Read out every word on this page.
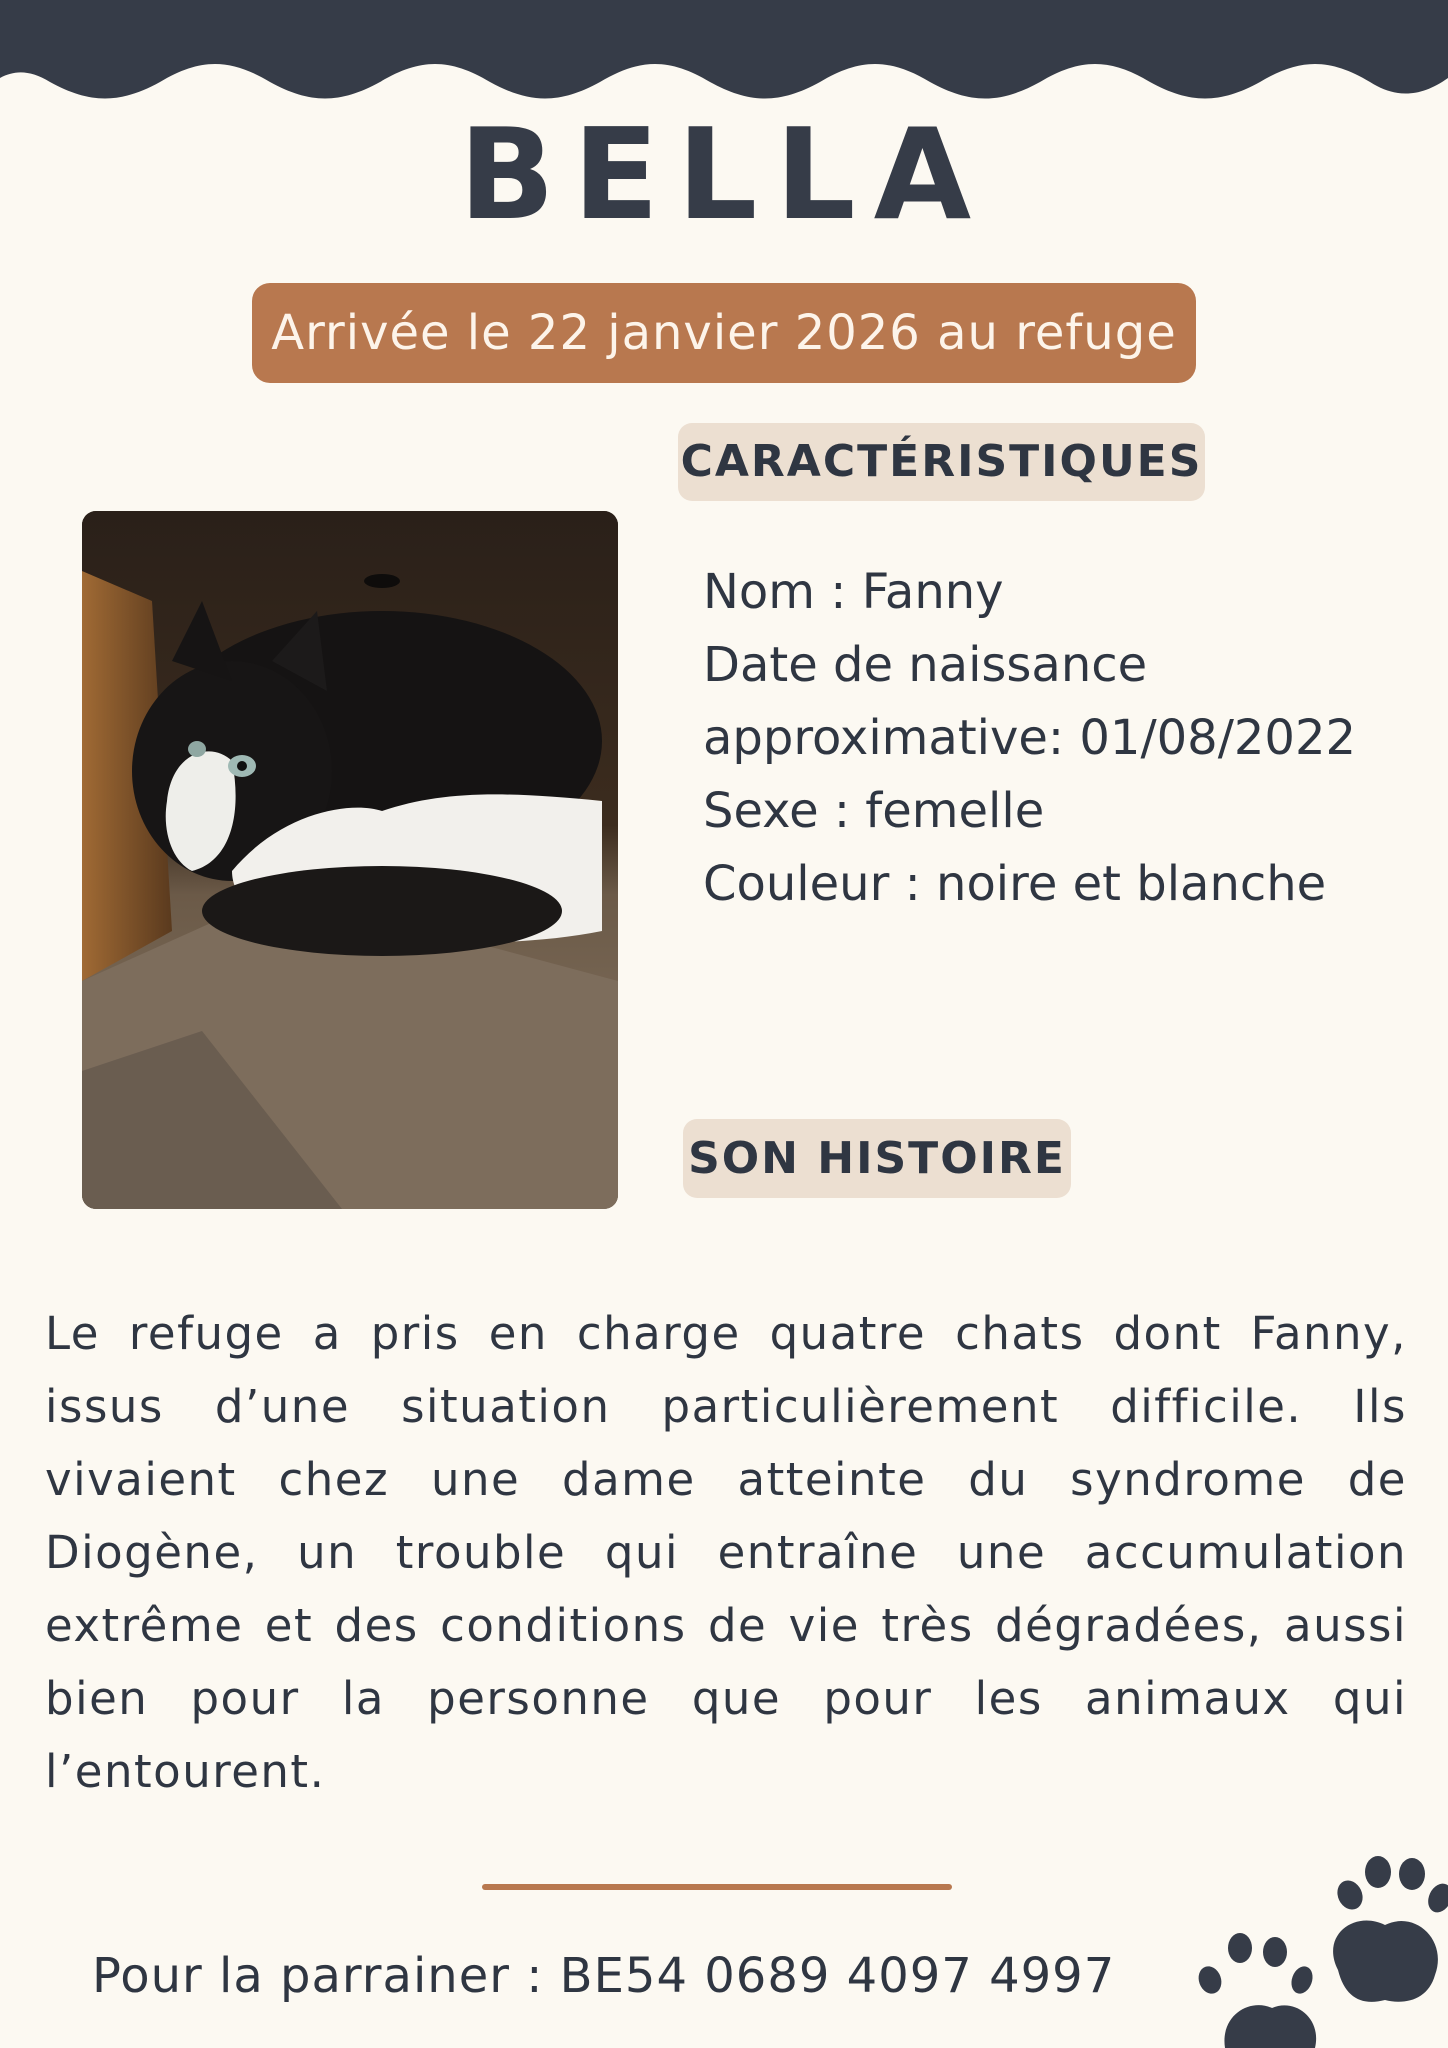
BELLA
Arrivée le 22 janvier 2026 au refuge
CARACTÉRISTIQUES
Nom : Fanny
Date de naissance
approximative: 01/08/2022
Sexe : femelle
Couleur : noire et blanche
SON HISTOIRE
Le refuge a pris en charge quatre chats dont Fanny, issus d’une situation particulièrement difficile. Ils vivaient chez une dame atteinte du syndrome de Diogène, un trouble qui entraîne une accumulation extrême et des conditions de vie très dégradées, aussi bien pour la personne que pour les animaux qui l’entourent.
Pour la parrainer : BE54 0689 4097 4997
